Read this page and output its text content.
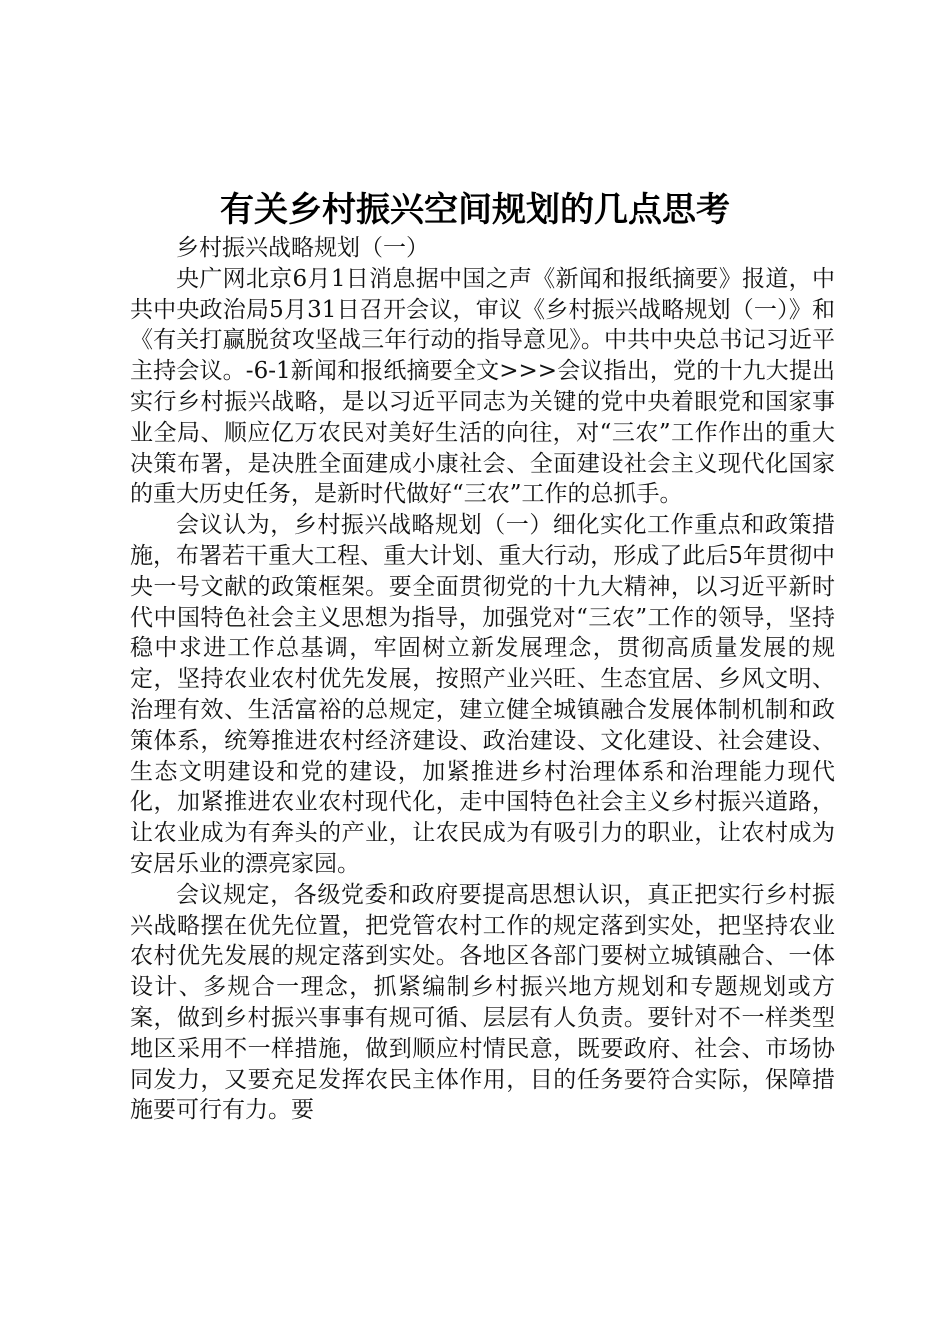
有关乡村振兴空间规划的几点思考

乡村振兴战略规划（一）

央广网北京6月1日消息据中国之声《新闻和报纸摘要》报道，中共中央政治局5月31日召开会议，审议《乡村振兴战略规划（一）》和《有关打赢脱贫攻坚战三年行动的指导意见》。中共中央总书记习近平主持会议。-6-1新闻和报纸摘要全文>>>会议指出，党的十九大提出实行乡村振兴战略，是以习近平同志为关键的党中央着眼党和国家事业全局、顺应亿万农民对美好生活的向往，对“三农”工作作出的重大决策布署，是决胜全面建成小康社会、全面建设社会主义现代化国家的重大历史任务，是新时代做好“三农”工作的总抓手。

会议认为，乡村振兴战略规划（一）细化实化工作重点和政策措施，布署若干重大工程、重大计划、重大行动，形成了此后5年贯彻中央一号文献的政策框架。要全面贯彻党的十九大精神，以习近平新时代中国特色社会主义思想为指导，加强党对“三农”工作的领导，坚持稳中求进工作总基调，牢固树立新发展理念，贯彻高质量发展的规定，坚持农业农村优先发展，按照产业兴旺、生态宜居、乡风文明、治理有效、生活富裕的总规定，建立健全城镇融合发展体制机制和政策体系，统筹推进农村经济建设、政治建设、文化建设、社会建设、生态文明建设和党的建设，加紧推进乡村治理体系和治理能力现代化，加紧推进农业农村现代化，走中国特色社会主义乡村振兴道路，让农业成为有奔头的产业，让农民成为有吸引力的职业，让农村成为安居乐业的漂亮家园。

会议规定，各级党委和政府要提高思想认识，真正把实行乡村振兴战略摆在优先位置，把党管农村工作的规定落到实处，把坚持农业农村优先发展的规定落到实处。各地区各部门要树立城镇融合、一体设计、多规合一理念，抓紧编制乡村振兴地方规划和专题规划或方案，做到乡村振兴事事有规可循、层层有人负责。要针对不一样类型地区采用不一样措施，做到顺应村情民意，既要政府、社会、市场协同发力，又要充足发挥农民主体作用，目的任务要符合实际，保障措施要可行有力。要
